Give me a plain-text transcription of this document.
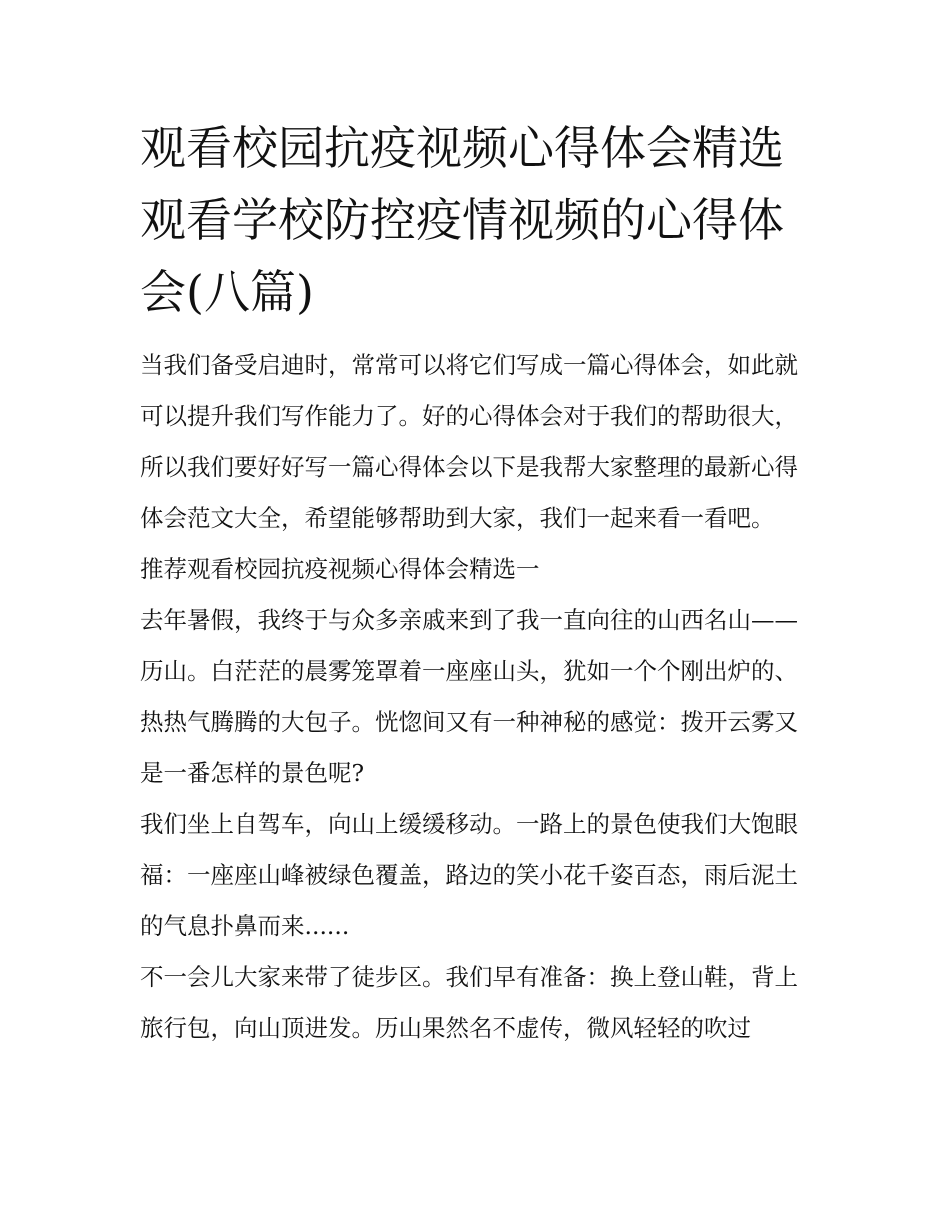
观看校园抗疫视频心得体会精选 观看学校防控疫情视频的心得体会(八篇)

当我们备受启迪时，常常可以将它们写成一篇心得体会，如此就可以提升我们写作能力了。好的心得体会对于我们的帮助很大，所以我们要好好写一篇心得体会以下是我帮大家整理的最新心得体会范文大全，希望能够帮助到大家，我们一起来看一看吧。

推荐观看校园抗疫视频心得体会精选一

去年暑假，我终于与众多亲戚来到了我一直向往的山西名山——历山。白茫茫的晨雾笼罩着一座座山头，犹如一个个刚出炉的、热热气腾腾的大包子。恍惚间又有一种神秘的感觉：拨开云雾又是一番怎样的景色呢?

我们坐上自驾车，向山上缓缓移动。一路上的景色使我们大饱眼福：一座座山峰被绿色覆盖，路边的笑小花千姿百态，雨后泥土的气息扑鼻而来......

不一会儿大家来带了徒步区。我们早有准备：换上登山鞋，背上旅行包，向山顶进发。历山果然名不虚传，微风轻轻的吹过
